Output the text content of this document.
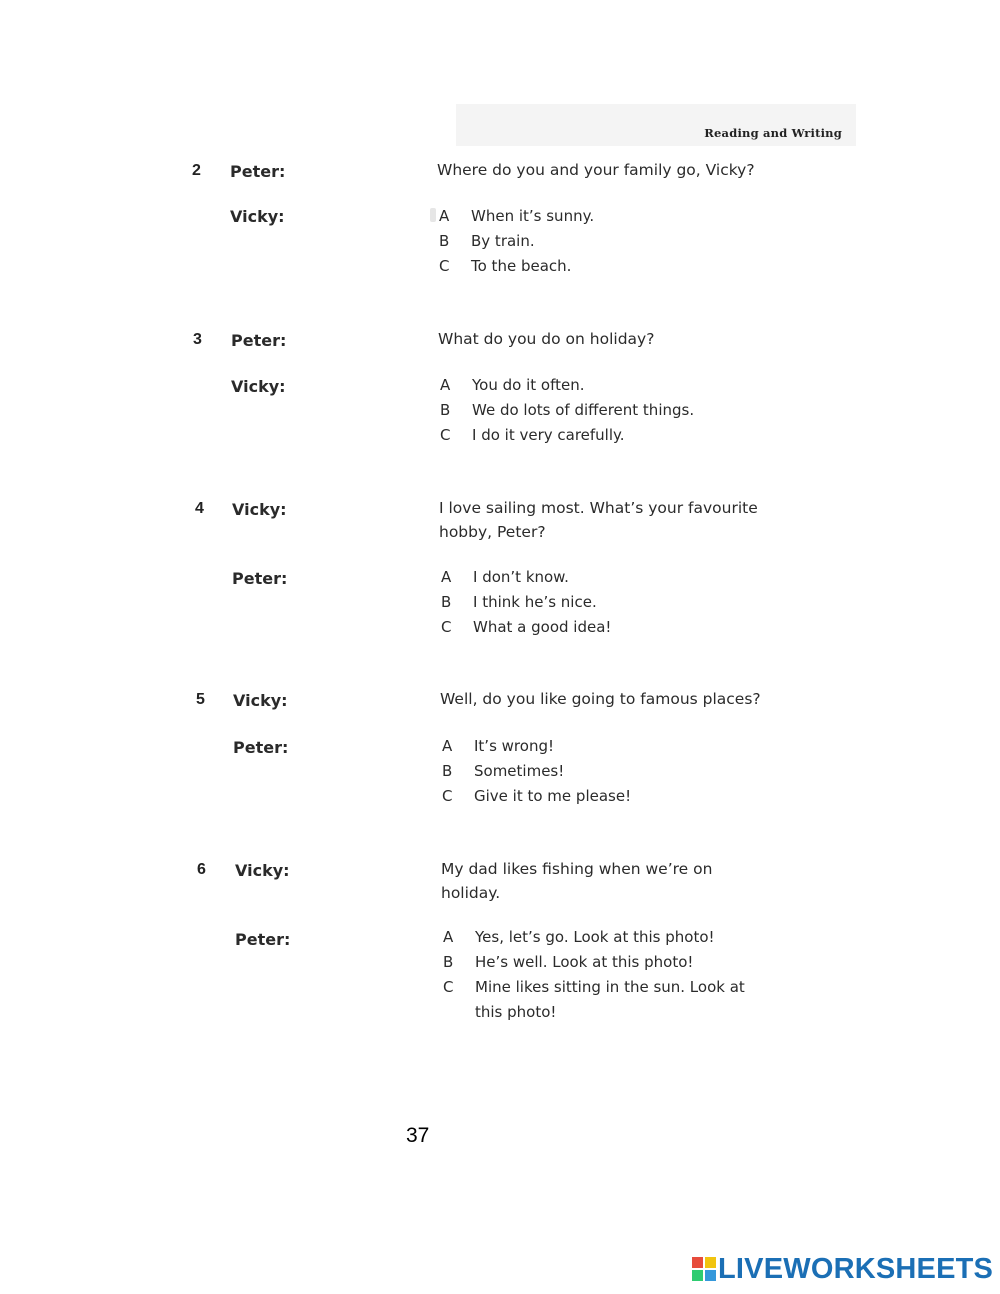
Reading and Writing
2 Peter:	Where do you and your family go, Vicky?
Vicky:	A	When it’s sunny.
B	By train.
C	To the beach.
3 Peter:	What do you do on holiday?
Vicky:	A	You do it often.
B	We do lots of different things.
C	I do it very carefully.
4 Vicky:	I love sailing most. What’s your favourite hobby, Peter?
Peter:	A	I don’t know.
B	I think he’s nice.
C	What a good idea!
5 Vicky:	Well, do you like going to famous places?
Peter:	A	It’s wrong!
B	Sometimes!
C	Give it to me please!
6 Vicky:	My dad likes fishing when we’re on holiday.
Peter:	A	Yes, let’s go. Look at this photo!
B	He’s well. Look at this photo!
C	Mine likes sitting in the sun. Look at this photo!
37
LIVEWORKSHEETS
